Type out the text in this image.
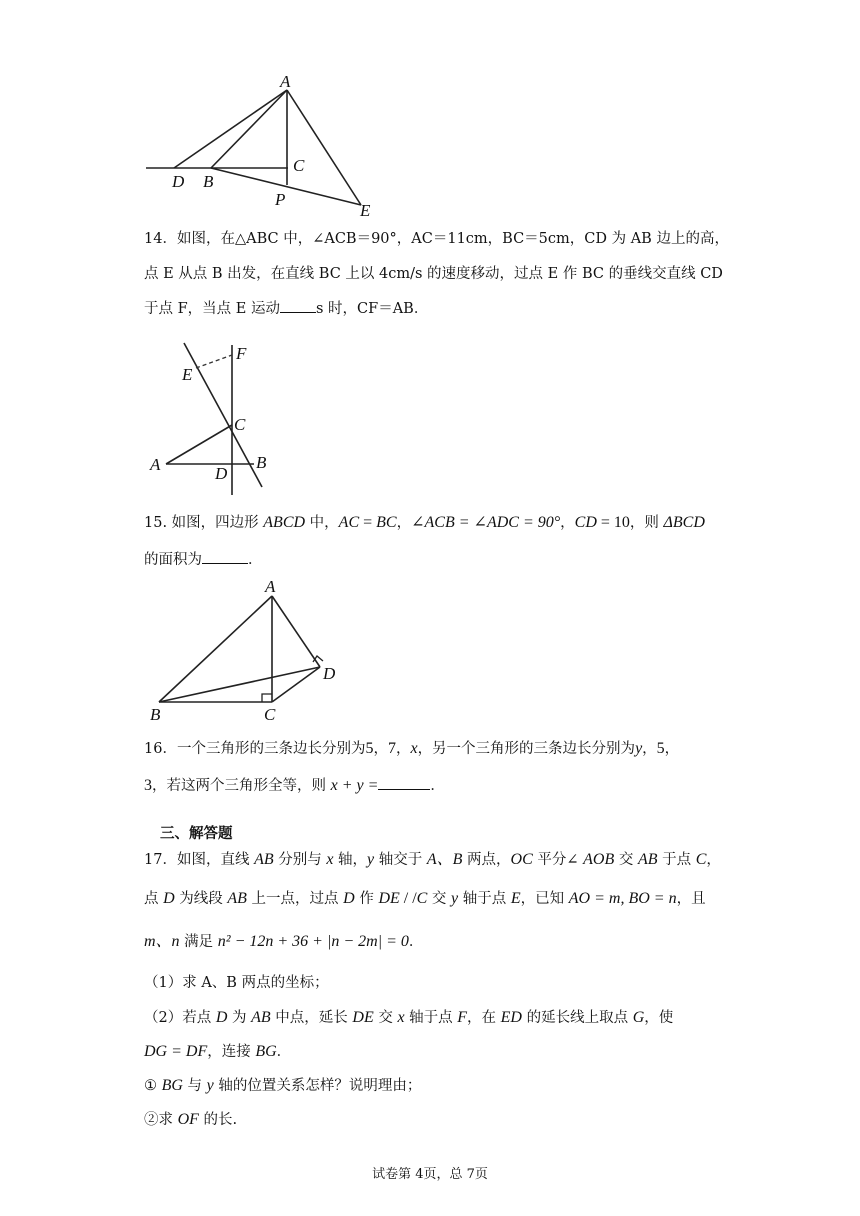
A
C
D B
P
E
14．如图，在△ABC 中，∠ACB＝90°，AC＝11cm，BC＝5cm，CD 为 AB 边上的高，
点 E 从点 B 出发，在直线 BC 上以 4cm/s 的速度移动，过点 E 作 BC 的垂线交直线 CD
于点 F，当点 E 运动 s 时，CF＝AB．
F
E
C
A	B
D
15. 如图，四边形 ABCD 中，AC = BC，∠ACB = ∠ADC = 90°，CD = 10，则 ΔBCD
的面积为	．
A
D
B	C
16．一个三角形的三条边长分别为5，7，x，另一个三角形的三条边长分别为y，5，
3，若这两个三角形全等，则 x + y =	．
三、解答题
17．如图，直线 AB 分别与 x 轴，y 轴交于 A、B 两点，OC 平分∠ AOB 交 AB 于点 C，
点 D 为线段 AB 上一点，过点 D 作 DE / /C 交 y 轴于点 E，已知 AO = m, BO = n，且
m、n 满足 n² − 12n + 36 + |n − 2m| = 0．
（1）求 A、B 两点的坐标；
（2）若点 D 为 AB 中点，延长 DE 交 x 轴于点 F，在 ED 的延长线上取点 G，使
DG = DF，连接 BG．
① BG 与 y 轴的位置关系怎样？说明理由；
②求 OF 的长.
试卷第 4页，总 7页
